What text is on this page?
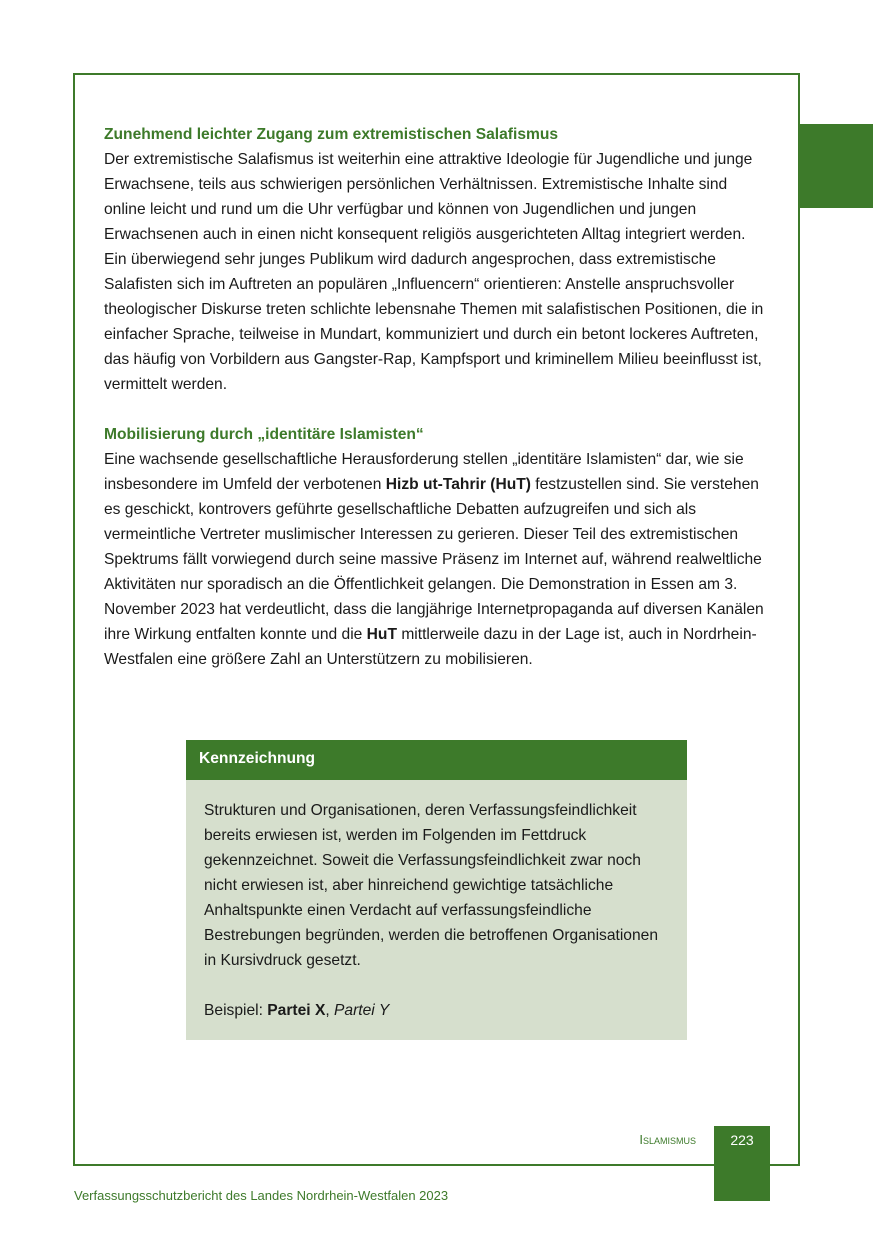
Zunehmend leichter Zugang zum extremistischen Salafismus

Der extremistische Salafismus ist weiterhin eine attraktive Ideologie für Jugendliche und junge Erwachsene, teils aus schwierigen persönlichen Verhältnissen. Extremistische Inhalte sind online leicht und rund um die Uhr verfügbar und können von Jugendlichen und jungen Erwachsenen auch in einen nicht konsequent religiös ausgerichteten Alltag integriert werden. Ein überwiegend sehr junges Publikum wird dadurch angesprochen, dass extremistische Salafisten sich im Auftreten an populären „Influencern“ orientieren: Anstelle anspruchsvoller theologischer Diskurse treten schlichte lebensnahe Themen mit salafistischen Positionen, die in einfacher Sprache, teilweise in Mundart, kommuniziert und durch ein betont lockeres Auftreten, das häufig von Vorbildern aus Gangster-Rap, Kampfsport und kriminellem Milieu beeinflusst ist, vermittelt werden.

Mobilisierung durch „identitäre Islamisten“

Eine wachsende gesellschaftliche Herausforderung stellen „identitäre Islamisten“ dar, wie sie insbesondere im Umfeld der verbotenen Hizb ut-Tahrir (HuT) festzustellen sind. Sie verstehen es geschickt, kontrovers geführte gesellschaftliche Debatten aufzugreifen und sich als vermeintliche Vertreter muslimischer Interessen zu gerieren. Dieser Teil des extremistischen Spektrums fällt vorwiegend durch seine massive Präsenz im Internet auf, während realweltliche Aktivitäten nur sporadisch an die Öffentlichkeit gelangen. Die Demonstration in Essen am 3. November 2023 hat verdeutlicht, dass die langjährige Internetpropaganda auf diversen Kanälen ihre Wirkung entfalten konnte und die HuT mittlerweile dazu in der Lage ist, auch in Nordrhein-Westfalen eine größere Zahl an Unterstützern zu mobilisieren.

Kennzeichnung

Strukturen und Organisationen, deren Verfassungsfeindlichkeit bereits erwiesen ist, werden im Folgenden im Fettdruck gekennzeichnet. Soweit die Verfassungsfeindlichkeit zwar noch nicht erwiesen ist, aber hinreichend gewichtige tatsächliche Anhaltspunkte einen Verdacht auf verfassungsfeindliche Bestrebungen begründen, werden die betroffenen Organisationen in Kursivdruck gesetzt.

Beispiel: Partei X, Partei Y

Islamismus	223
Verfassungsschutzbericht des Landes Nordrhein-Westfalen 2023
